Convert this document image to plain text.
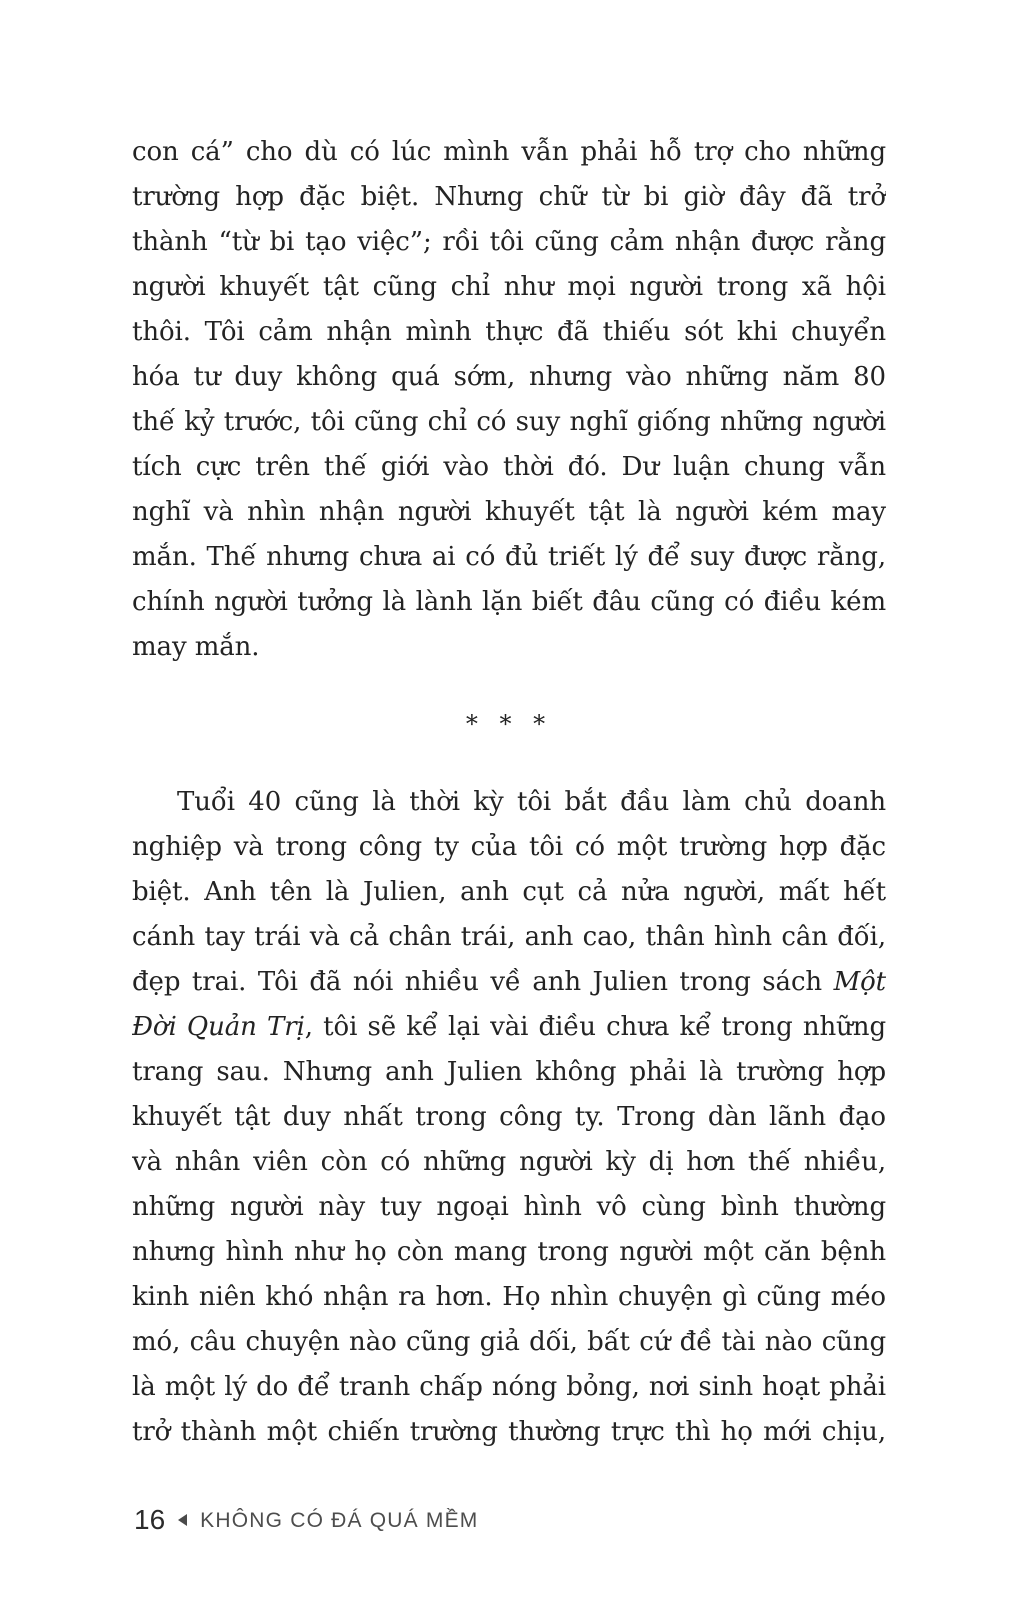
con cá” cho dù có lúc mình vẫn phải hỗ trợ cho những
trường hợp đặc biệt. Nhưng chữ từ bi giờ đây đã trở
thành “từ bi tạo việc”; rồi tôi cũng cảm nhận được rằng
người khuyết tật cũng chỉ như mọi người trong xã hội
thôi. Tôi cảm nhận mình thực đã thiếu sót khi chuyển
hóa tư duy không quá sớm, nhưng vào những năm 80
thế kỷ trước, tôi cũng chỉ có suy nghĩ giống những người
tích cực trên thế giới vào thời đó. Dư luận chung vẫn
nghĩ và nhìn nhận người khuyết tật là người kém may
mắn. Thế nhưng chưa ai có đủ triết lý để suy được rằng,
chính người tưởng là lành lặn biết đâu cũng có điều kém
may mắn.
* * *
Tuổi 40 cũng là thời kỳ tôi bắt đầu làm chủ doanh
nghiệp và trong công ty của tôi có một trường hợp đặc
biệt. Anh tên là Julien, anh cụt cả nửa người, mất hết
cánh tay trái và cả chân trái, anh cao, thân hình cân đối,
đẹp trai. Tôi đã nói nhiều về anh Julien trong sách Một
Đời Quản Trị, tôi sẽ kể lại vài điều chưa kể trong những
trang sau. Nhưng anh Julien không phải là trường hợp
khuyết tật duy nhất trong công ty. Trong dàn lãnh đạo
và nhân viên còn có những người kỳ dị hơn thế nhiều,
những người này tuy ngoại hình vô cùng bình thường
nhưng hình như họ còn mang trong người một căn bệnh
kinh niên khó nhận ra hơn. Họ nhìn chuyện gì cũng méo
mó, câu chuyện nào cũng giả dối, bất cứ đề tài nào cũng
là một lý do để tranh chấp nóng bỏng, nơi sinh hoạt phải
trở thành một chiến trường thường trực thì họ mới chịu,
16 KHÔNG CÓ ĐÁ QUÁ MỀM
